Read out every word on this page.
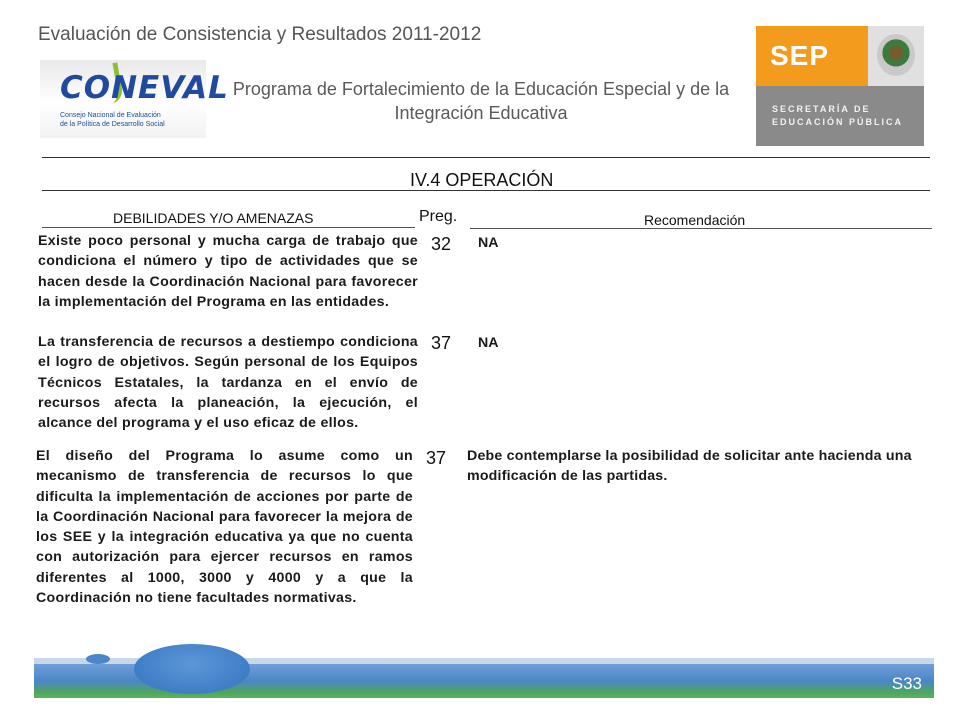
Evaluación de Consistencia y Resultados 2011-2012
CONEVAL
Consejo Nacional de Evaluación
de la Política de Desarrollo Social
Programa de Fortalecimiento de la Educación Especial y de la Integración Educativa
SEP
SECRETARÍA DE
EDUCACIÓN PÚBLICA
IV.4 OPERACIÓN
DEBILIDADES Y/O AMENAZAS	Preg.	Recomendación
Existe poco personal y mucha carga de trabajo que condiciona el número y tipo de actividades que se hacen desde la Coordinación Nacional para favorecer la implementación del Programa en las entidades.
32 NA
La transferencia de recursos a destiempo condiciona el logro de objetivos. Según personal de los Equipos Técnicos Estatales, la tardanza en el envío de recursos afecta la planeación, la ejecución, el alcance del programa y el uso eficaz de ellos.
37 NA
El diseño del Programa lo asume como un mecanismo de transferencia de recursos lo que dificulta la implementación de acciones por parte de la Coordinación Nacional para favorecer la mejora de los SEE y la integración educativa ya que no cuenta con autorización para ejercer recursos en ramos diferentes al 1000, 3000 y 4000 y a que la Coordinación no tiene facultades normativas.
37 Debe contemplarse la posibilidad de solicitar ante hacienda una modificación de las partidas.
S33
